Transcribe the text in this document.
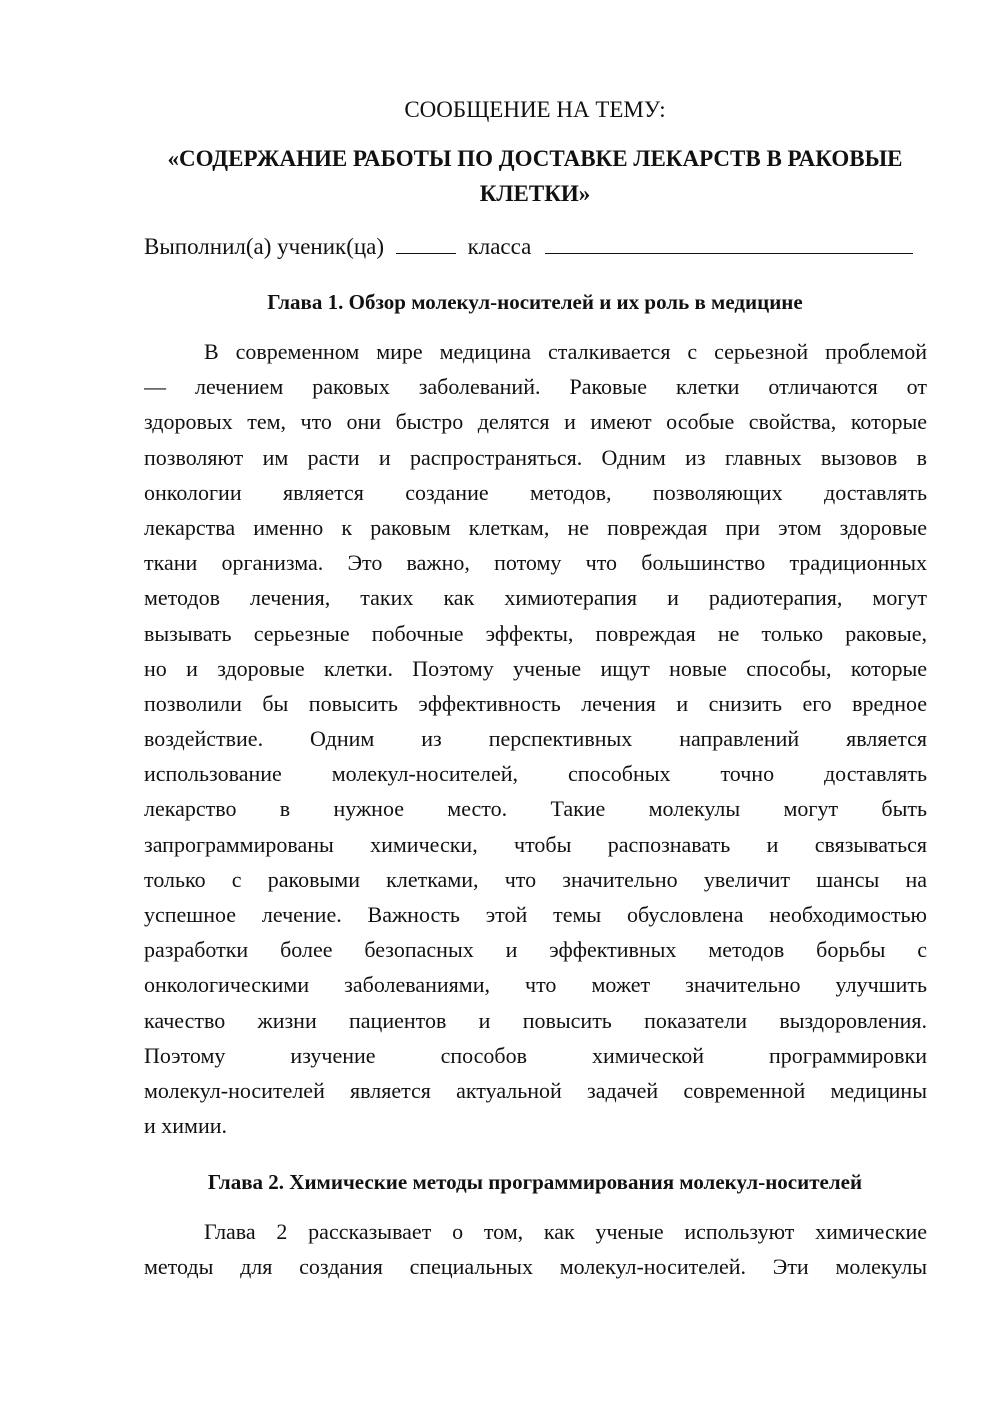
СООБЩЕНИЕ НА ТЕМУ:
«СОДЕРЖАНИЕ РАБОТЫ ПО ДОСТАВКЕ ЛЕКАРСТВ В РАКОВЫЕ
КЛЕТКИ»
Выполнил(а) ученик(ца)	класса
Глава 1. Обзор молекул-носителей и их роль в медицине
В современном мире медицина сталкивается с серьезной проблемой
— лечением раковых заболеваний. Раковые клетки отличаются от
здоровых тем, что они быстро делятся и имеют особые свойства, которые
позволяют им расти и распространяться. Одним из главных вызовов в
онкологии является создание методов, позволяющих доставлять
лекарства именно к раковым клеткам, не повреждая при этом здоровые
ткани организма. Это важно, потому что большинство традиционных
методов лечения, таких как химиотерапия и радиотерапия, могут
вызывать серьезные побочные эффекты, повреждая не только раковые,
но и здоровые клетки. Поэтому ученые ищут новые способы, которые
позволили бы повысить эффективность лечения и снизить его вредное
воздействие. Одним из перспективных направлений является
использование молекул-носителей, способных точно доставлять
лекарство в нужное место. Такие молекулы могут быть
запрограммированы химически, чтобы распознавать и связываться
только с раковыми клетками, что значительно увеличит шансы на
успешное лечение. Важность этой темы обусловлена необходимостью
разработки более безопасных и эффективных методов борьбы с
онкологическими заболеваниями, что может значительно улучшить
качество жизни пациентов и повысить показатели выздоровления.
Поэтому изучение способов химической программировки
молекул-носителей является актуальной задачей современной медицины
и химии.
Глава 2. Химические методы программирования молекул-носителей
Глава 2 рассказывает о том, как ученые используют химические
методы для создания специальных молекул-носителей. Эти молекулы
